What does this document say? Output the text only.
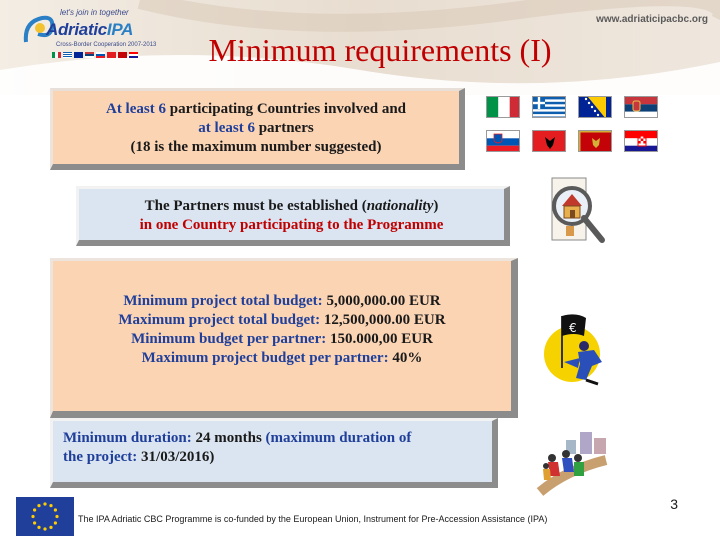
let's join in together
AdriaticIPA
Cross-Border Cooperation 2007-2013
www.adriaticipacbc.org
Minimum requirements (I)
At least 6 participating Countries involved and
at least 6 partners
(18 is the maximum number suggested)
The Partners must be established (nationality)
in one Country participating to the Programme
Minimum project total budget: 5,000,000.00 EUR
Maximum project total budget: 12,500,000.00 EUR
Minimum budget per partner: 150.000,00 EUR
Maximum project budget per partner: 40%
€
Minimum duration: 24 months (maximum duration of
the project: 31/03/2016)
3
The IPA Adriatic CBC Programme is co-funded by the European Union, Instrument for Pre-Accession Assistance (IPA)
